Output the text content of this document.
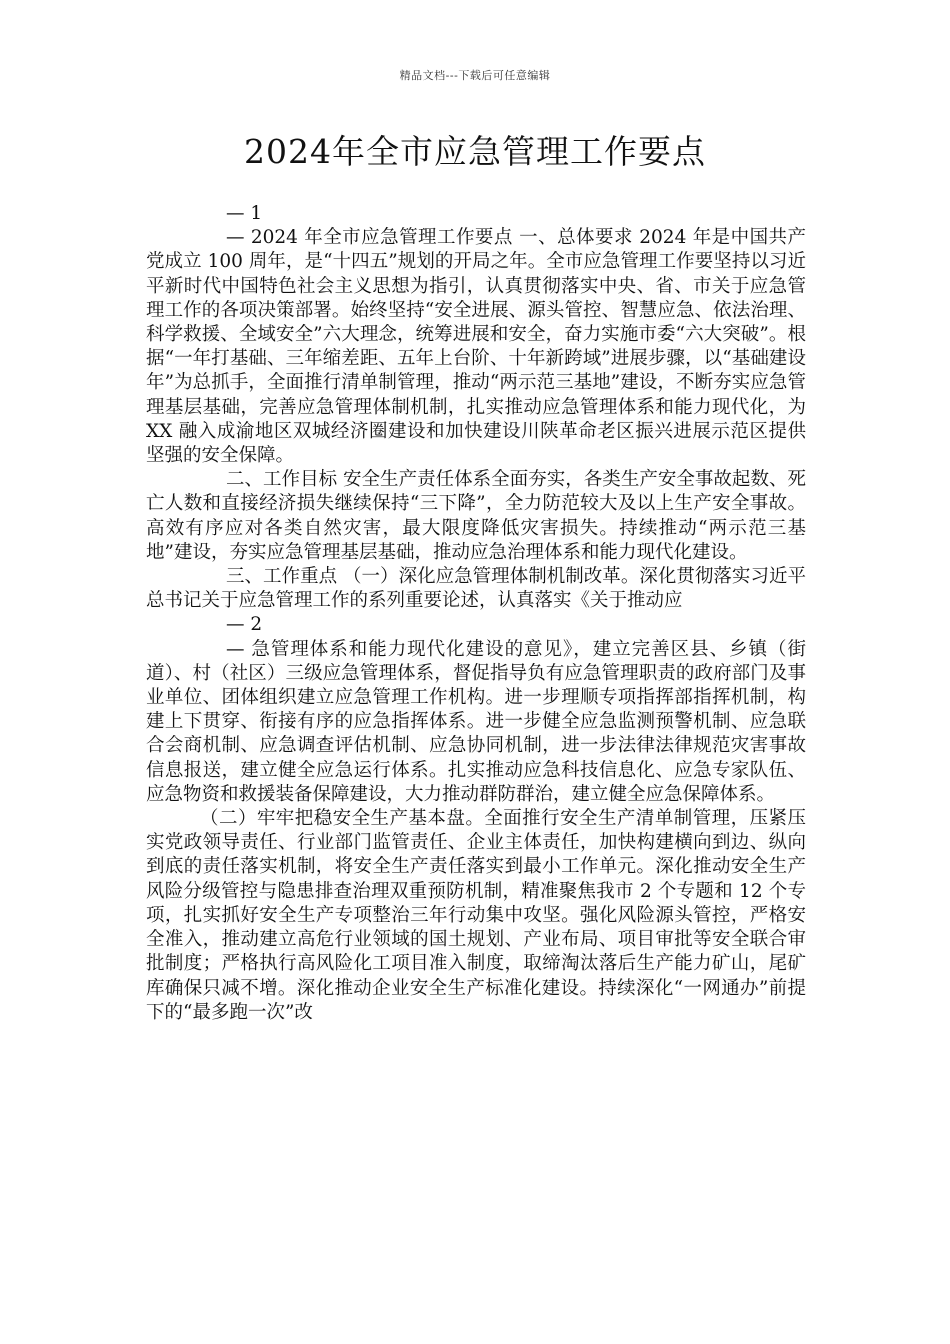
精品文档---下载后可任意编辑
2024年全市应急管理工作要点

— 1

— 2024 年全市应急管理工作要点 一、总体要求 2024 年是中国共产党成立 100 周年，是“十四五”规划的开局之年。全市应急管理工作要坚持以习近平新时代中国特色社会主义思想为指引，认真贯彻落实中央、省、市关于应急管理工作的各项决策部署。始终坚持“安全进展、源头管控、智慧应急、依法治理、科学救援、全域安全”六大理念，统筹进展和安全，奋力实施市委“六大突破”。根据“一年打基础、三年缩差距、五年上台阶、十年新跨域”进展步骤，以“基础建设年”为总抓手，全面推行清单制管理，推动“两示范三基地”建设，不断夯实应急管理基层基础，完善应急管理体制机制，扎实推动应急管理体系和能力现代化，为 XX 融入成渝地区双城经济圈建设和加快建设川陕革命老区振兴进展示范区提供坚强的安全保障。

二、工作目标 安全生产责任体系全面夯实，各类生产安全事故起数、死亡人数和直接经济损失继续保持“三下降”，全力防范较大及以上生产安全事故。高效有序应对各类自然灾害，最大限度降低灾害损失。持续推动“两示范三基地”建设，夯实应急管理基层基础，推动应急治理体系和能力现代化建设。

三、工作重点 （一）深化应急管理体制机制改革。深化贯彻落实习近平总书记关于应急管理工作的系列重要论述，认真落实《关于推动应

— 2

— 急管理体系和能力现代化建设的意见》，建立完善区县、乡镇（街道）、村（社区）三级应急管理体系，督促指导负有应急管理职责的政府部门及事业单位、团体组织建立应急管理工作机构。进一步理顺专项指挥部指挥机制，构建上下贯穿、衔接有序的应急指挥体系。进一步健全应急监测预警机制、应急联合会商机制、应急调查评估机制、应急协同机制，进一步法律法律规范灾害事故信息报送，建立健全应急运行体系。扎实推动应急科技信息化、应急专家队伍、应急物资和救援装备保障建设，大力推动群防群治，建立健全应急保障体系。

（二）牢牢把稳安全生产基本盘。全面推行安全生产清单制管理，压紧压实党政领导责任、行业部门监管责任、企业主体责任，加快构建横向到边、纵向到底的责任落实机制，将安全生产责任落实到最小工作单元。深化推动安全生产风险分级管控与隐患排查治理双重预防机制，精准聚焦我市 2 个专题和 12 个专项，扎实抓好安全生产专项整治三年行动集中攻坚。强化风险源头管控，严格安全准入，推动建立高危行业领域的国土规划、产业布局、项目审批等安全联合审批制度；严格执行高风险化工项目准入制度，取缔淘汰落后生产能力矿山，尾矿库确保只减不增。深化推动企业安全生产标准化建设。持续深化“一网通办”前提下的“最多跑一次”改
